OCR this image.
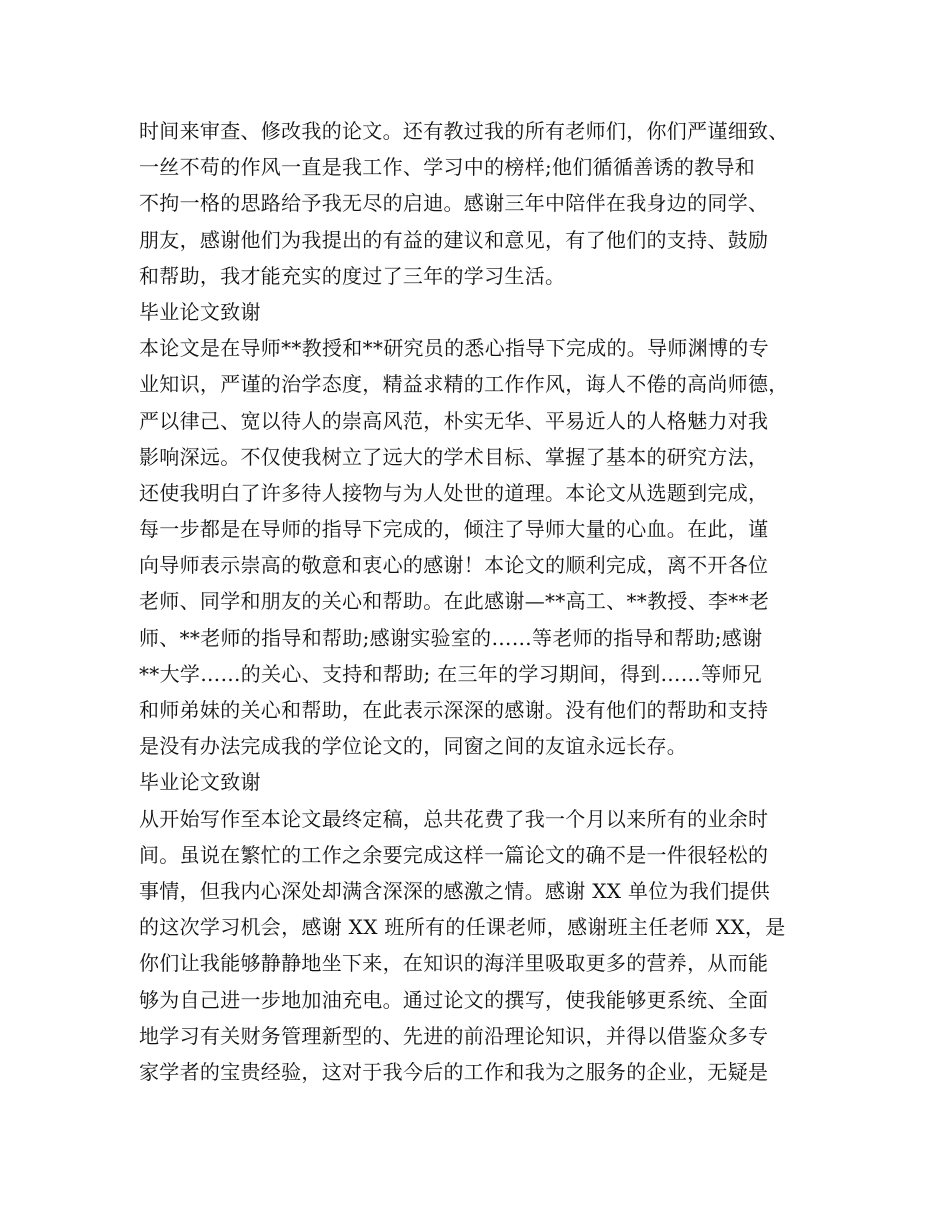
时间来审查、修改我的论文。还有教过我的所有老师们，你们严谨细致、
一丝不苟的作风一直是我工作、学习中的榜样;他们循循善诱的教导和
不拘一格的思路给予我无尽的启迪。感谢三年中陪伴在我身边的同学、
朋友，感谢他们为我提出的有益的建议和意见，有了他们的支持、鼓励
和帮助，我才能充实的度过了三年的学习生活。
毕业论文致谢
本论文是在导师**教授和**研究员的悉心指导下完成的。导师渊博的专
业知识，严谨的治学态度，精益求精的工作作风，诲人不倦的高尚师德，
严以律己、宽以待人的崇高风范，朴实无华、平易近人的人格魅力对我
影响深远。不仅使我树立了远大的学术目标、掌握了基本的研究方法，
还使我明白了许多待人接物与为人处世的道理。本论文从选题到完成，
每一步都是在导师的指导下完成的，倾注了导师大量的心血。在此，谨
向导师表示崇高的敬意和衷心的感谢！本论文的顺利完成，离不开各位
老师、同学和朋友的关心和帮助。在此感谢—**高工、**教授、李**老
师、**老师的指导和帮助;感谢实验室的……等老师的指导和帮助;感谢
**大学……的关心、支持和帮助; 在三年的学习期间，得到……等师兄
和师弟妹的关心和帮助，在此表示深深的感谢。没有他们的帮助和支持
是没有办法完成我的学位论文的，同窗之间的友谊永远长存。
毕业论文致谢
从开始写作至本论文最终定稿，总共花费了我一个月以来所有的业余时
间。虽说在繁忙的工作之余要完成这样一篇论文的确不是一件很轻松的
事情，但我内心深处却满含深深的感激之情。感谢 XX 单位为我们提供
的这次学习机会，感谢 XX 班所有的任课老师，感谢班主任老师 XX，是
你们让我能够静静地坐下来，在知识的海洋里吸取更多的营养，从而能
够为自己进一步地加油充电。通过论文的撰写，使我能够更系统、全面
地学习有关财务管理新型的、先进的前沿理论知识，并得以借鉴众多专
家学者的宝贵经验，这对于我今后的工作和我为之服务的企业，无疑是
